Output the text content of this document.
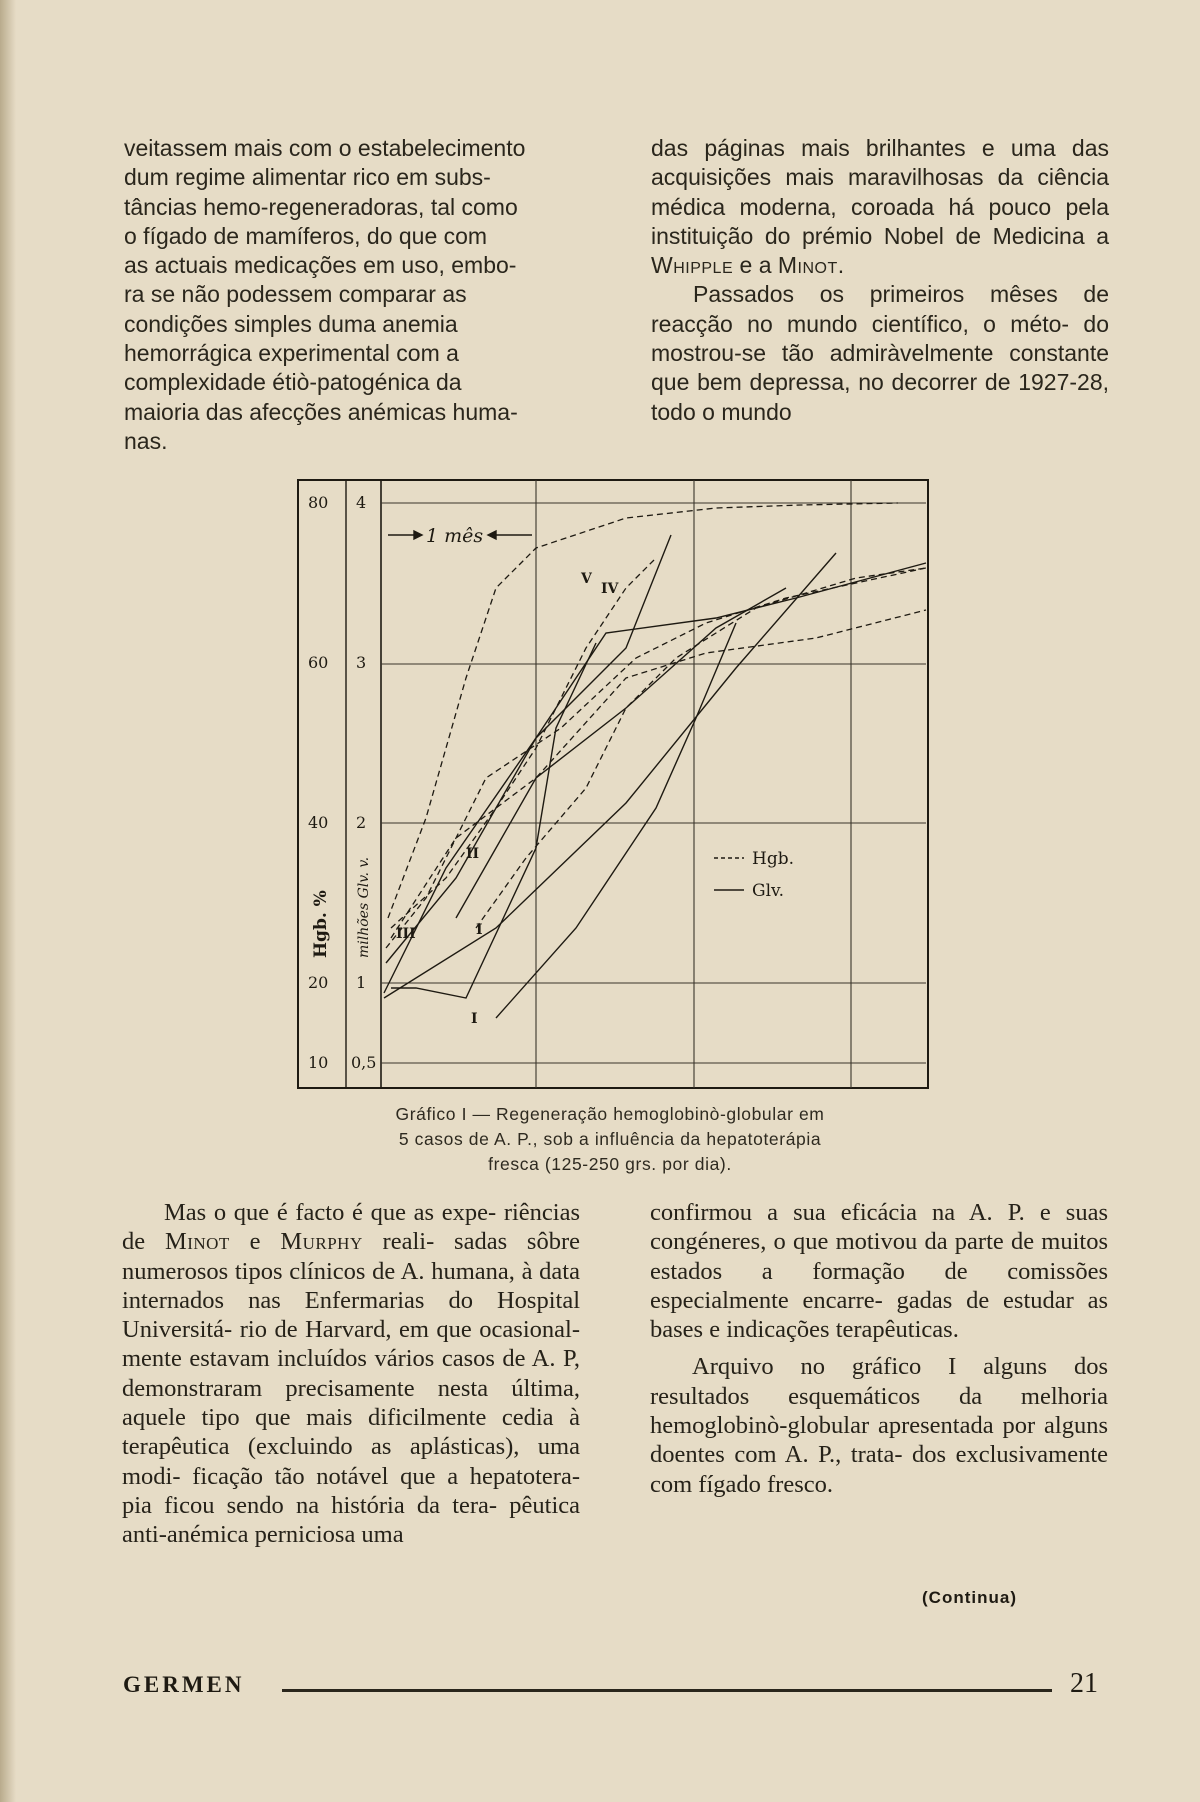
veitassem mais com o estabelecimento
dum regime alimentar rico em subs-
tâncias hemo-regeneradoras, tal como
o fígado de mamíferos, do que com
as actuais medicações em uso, embo-
ra se não podessem comparar as
condições simples duma anemia
hemorrágica experimental com a
complexidade étiò-patogénica da
maioria das afecções anémicas huma-
nas.

das páginas mais brilhantes e uma das acquisições mais maravilhosas da ciência médica moderna, coroada há pouco pela instituição do prémio Nobel de Medicina a Whipple e a Minot.

Passados os primeiros mêses de reacção no mundo científico, o méto- do mostrou-se tão admiràvelmente constante que bem depressa, no decorrer de 1927-28, todo o mundo

80
60
40
20
10
4
3
2
1
0,5
Hgb. % milhões Glv. v.
1 mês
I
I
II
III
IV
V
Hgb.
Glv.
Gráfico I — Regeneração hemoglobinò-globular em
5 casos de A. P., sob a influência da hepatoterápia
fresca (125-250 grs. por dia).

Mas o que é facto é que as expe- riências de Minot e Murphy reali- sadas sôbre numerosos tipos clínicos de A. humana, à data internados nas Enfermarias do Hospital Universitá- rio de Harvard, em que ocasional- mente estavam incluídos vários casos de A. P, demonstraram precisamente nesta última, aquele tipo que mais dificilmente cedia à terapêutica (excluindo as aplásticas), uma modi- ficação tão notável que a hepatotera- pia ficou sendo na história da tera- pêutica anti-anémica perniciosa uma

confirmou a sua eficácia na A. P. e suas congéneres, o que motivou da parte de muitos estados a formação de comissões especialmente encarre- gadas de estudar as bases e indicações terapêuticas.

Arquivo no gráfico I alguns dos resultados esquemáticos da melhoria hemoglobinò-globular apresentada por alguns doentes com A. P., trata- dos exclusivamente com fígado fresco.

(Continua)
GERMEN	21
